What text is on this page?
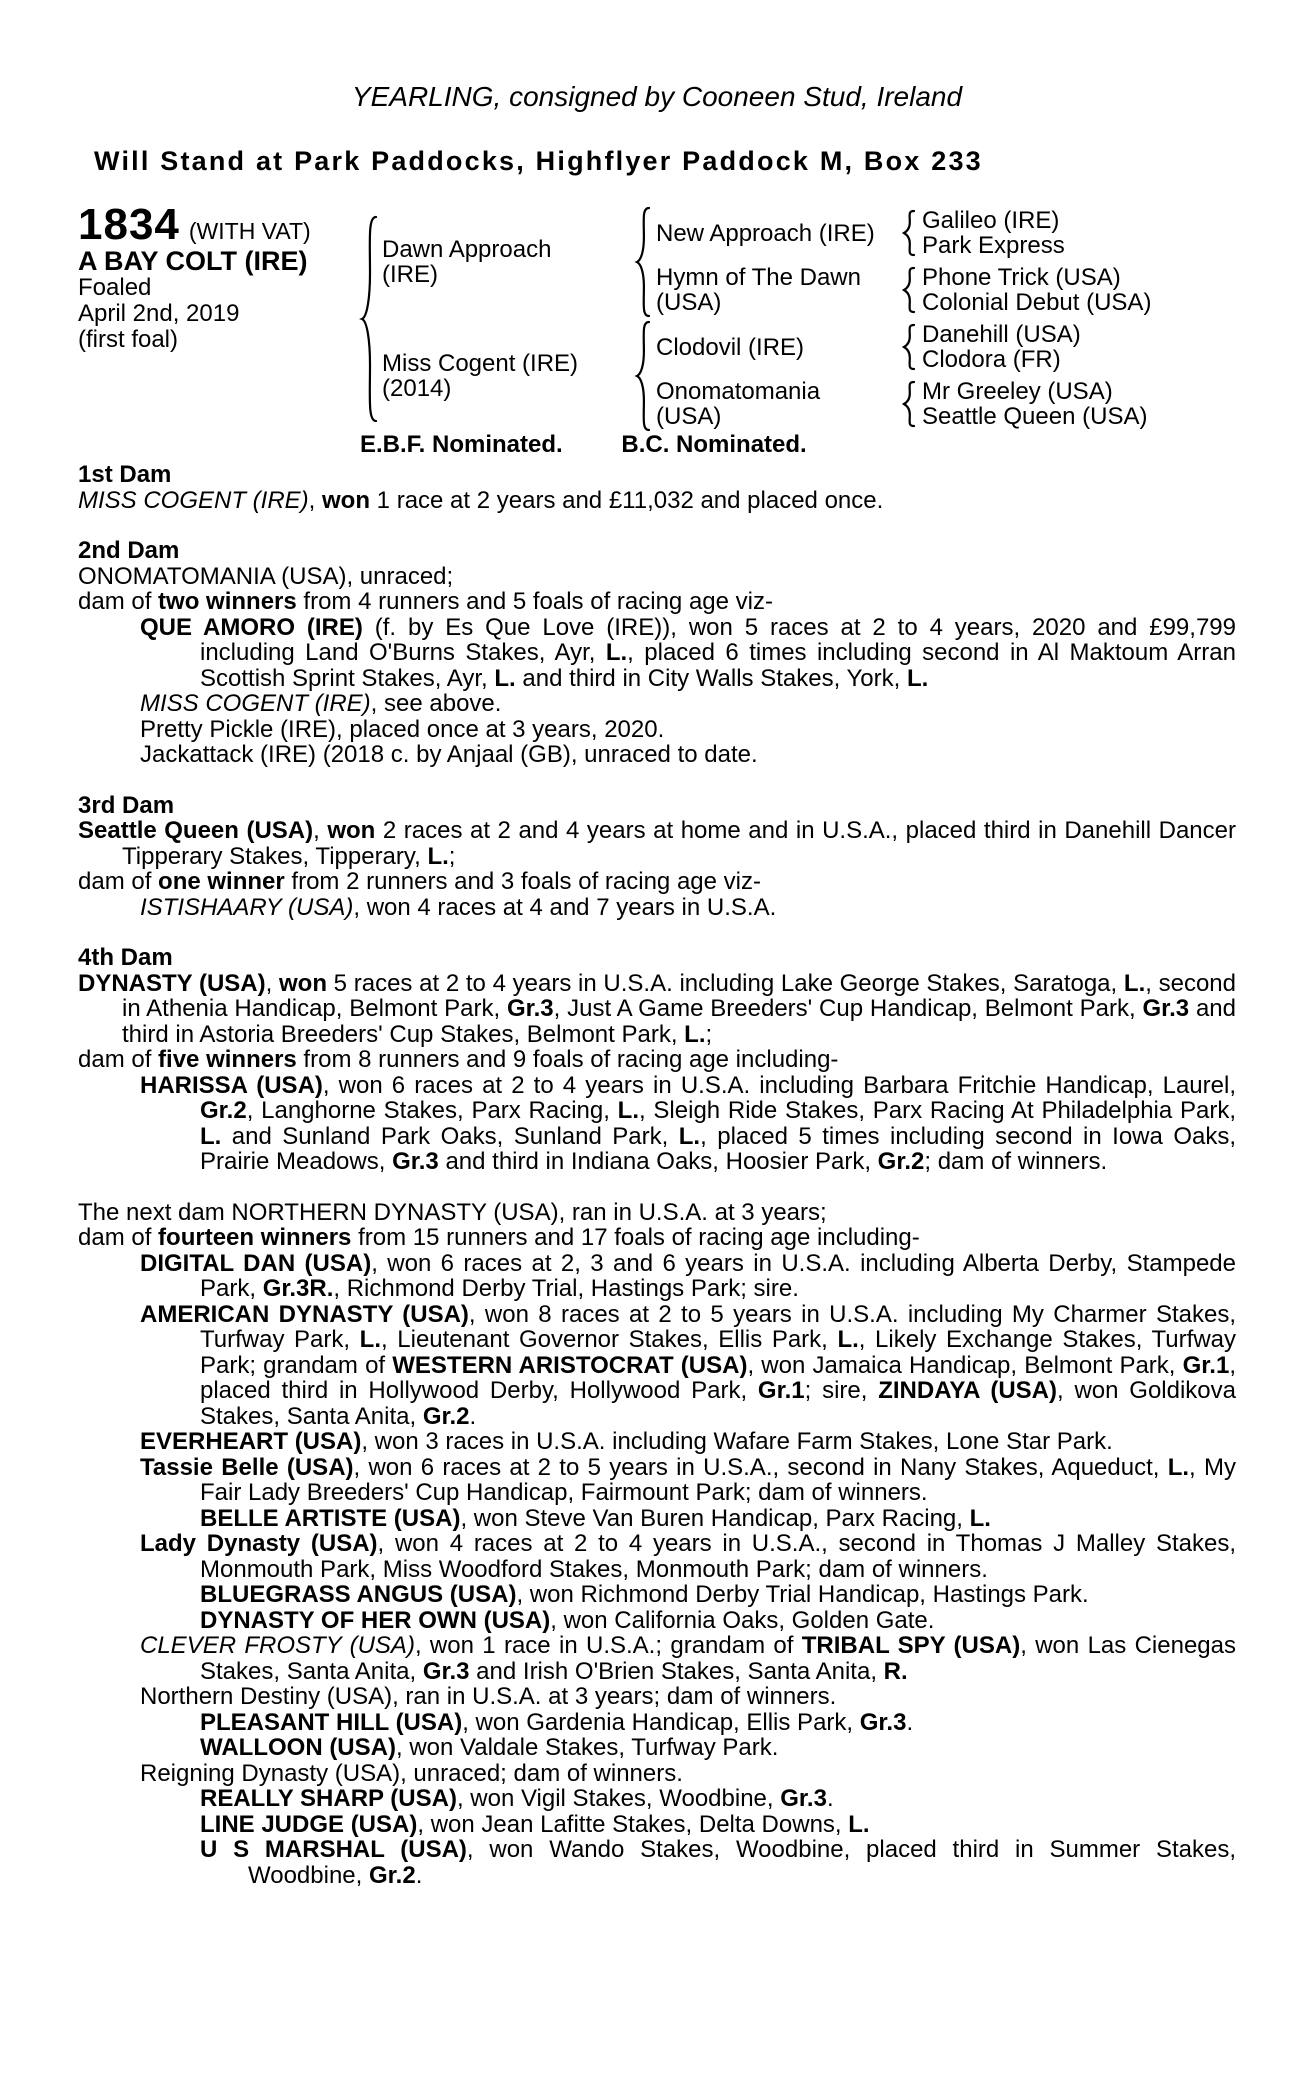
YEARLING, consigned by Cooneen Stud, Ireland
Will Stand at Park Paddocks, Highflyer Paddock M, Box 233
1834 (WITH VAT)
A BAY COLT (IRE)
Foaled
April 2nd, 2019
(first foal)
Dawn Approach
(IRE)
Miss Cogent (IRE)
(2014)
New Approach (IRE)
Hymn of The Dawn
(USA)
Clodovil (IRE)
Onomatomania
(USA)
Galileo (IRE)
Park Express
Phone Trick (USA)
Colonial Debut (USA)
Danehill (USA)
Clodora (FR)
Mr Greeley (USA)
Seattle Queen (USA)
E.B.F. Nominated. B.C. Nominated.
1st Dam

MISS COGENT (IRE), won 1 race at 2 years and £11,032 and placed once.

2nd Dam

ONOMATOMANIA (USA), unraced;

dam of two winners from 4 runners and 5 foals of racing age viz-

QUE AMORO (IRE) (f. by Es Que Love (IRE)), won 5 races at 2 to 4 years, 2020 and £99,799 including Land O'Burns Stakes, Ayr, L., placed 6 times including second in Al Maktoum Arran Scottish Sprint Stakes, Ayr, L. and third in City Walls Stakes, York, L.

MISS COGENT (IRE), see above.

Pretty Pickle (IRE), placed once at 3 years, 2020.

Jackattack (IRE) (2018 c. by Anjaal (GB), unraced to date.

3rd Dam

Seattle Queen (USA), won 2 races at 2 and 4 years at home and in U.S.A., placed third in Danehill Dancer Tipperary Stakes, Tipperary, L.;

dam of one winner from 2 runners and 3 foals of racing age viz-

ISTISHAARY (USA), won 4 races at 4 and 7 years in U.S.A.

4th Dam

DYNASTY (USA), won 5 races at 2 to 4 years in U.S.A. including Lake George Stakes, Saratoga, L., second in Athenia Handicap, Belmont Park, Gr.3, Just A Game Breeders' Cup Handicap, Belmont Park, Gr.3 and third in Astoria Breeders' Cup Stakes, Belmont Park, L.;

dam of five winners from 8 runners and 9 foals of racing age including-

HARISSA (USA), won 6 races at 2 to 4 years in U.S.A. including Barbara Fritchie Handicap, Laurel, Gr.2, Langhorne Stakes, Parx Racing, L., Sleigh Ride Stakes, Parx Racing At Philadelphia Park, L. and Sunland Park Oaks, Sunland Park, L., placed 5 times including second in Iowa Oaks, Prairie Meadows, Gr.3 and third in Indiana Oaks, Hoosier Park, Gr.2; dam of winners.

The next dam NORTHERN DYNASTY (USA), ran in U.S.A. at 3 years;

dam of fourteen winners from 15 runners and 17 foals of racing age including-

DIGITAL DAN (USA), won 6 races at 2, 3 and 6 years in U.S.A. including Alberta Derby, Stampede Park, Gr.3R., Richmond Derby Trial, Hastings Park; sire.

AMERICAN DYNASTY (USA), won 8 races at 2 to 5 years in U.S.A. including My Charmer Stakes, Turfway Park, L., Lieutenant Governor Stakes, Ellis Park, L., Likely Exchange Stakes, Turfway Park; grandam of WESTERN ARISTOCRAT (USA), won Jamaica Handicap, Belmont Park, Gr.1, placed third in Hollywood Derby, Hollywood Park, Gr.1; sire, ZINDAYA (USA), won Goldikova Stakes, Santa Anita, Gr.2.

EVERHEART (USA), won 3 races in U.S.A. including Wafare Farm Stakes, Lone Star Park.

Tassie Belle (USA), won 6 races at 2 to 5 years in U.S.A., second in Nany Stakes, Aqueduct, L., My Fair Lady Breeders' Cup Handicap, Fairmount Park; dam of winners.

BELLE ARTISTE (USA), won Steve Van Buren Handicap, Parx Racing, L.

Lady Dynasty (USA), won 4 races at 2 to 4 years in U.S.A., second in Thomas J Malley Stakes, Monmouth Park, Miss Woodford Stakes, Monmouth Park; dam of winners.

BLUEGRASS ANGUS (USA), won Richmond Derby Trial Handicap, Hastings Park.

DYNASTY OF HER OWN (USA), won California Oaks, Golden Gate.

CLEVER FROSTY (USA), won 1 race in U.S.A.; grandam of TRIBAL SPY (USA), won Las Cienegas Stakes, Santa Anita, Gr.3 and Irish O'Brien Stakes, Santa Anita, R.

Northern Destiny (USA), ran in U.S.A. at 3 years; dam of winners.

PLEASANT HILL (USA), won Gardenia Handicap, Ellis Park, Gr.3.

WALLOON (USA), won Valdale Stakes, Turfway Park.

Reigning Dynasty (USA), unraced; dam of winners.

REALLY SHARP (USA), won Vigil Stakes, Woodbine, Gr.3.

LINE JUDGE (USA), won Jean Lafitte Stakes, Delta Downs, L.

U S MARSHAL (USA), won Wando Stakes, Woodbine, placed third in Summer Stakes, Woodbine, Gr.2.
